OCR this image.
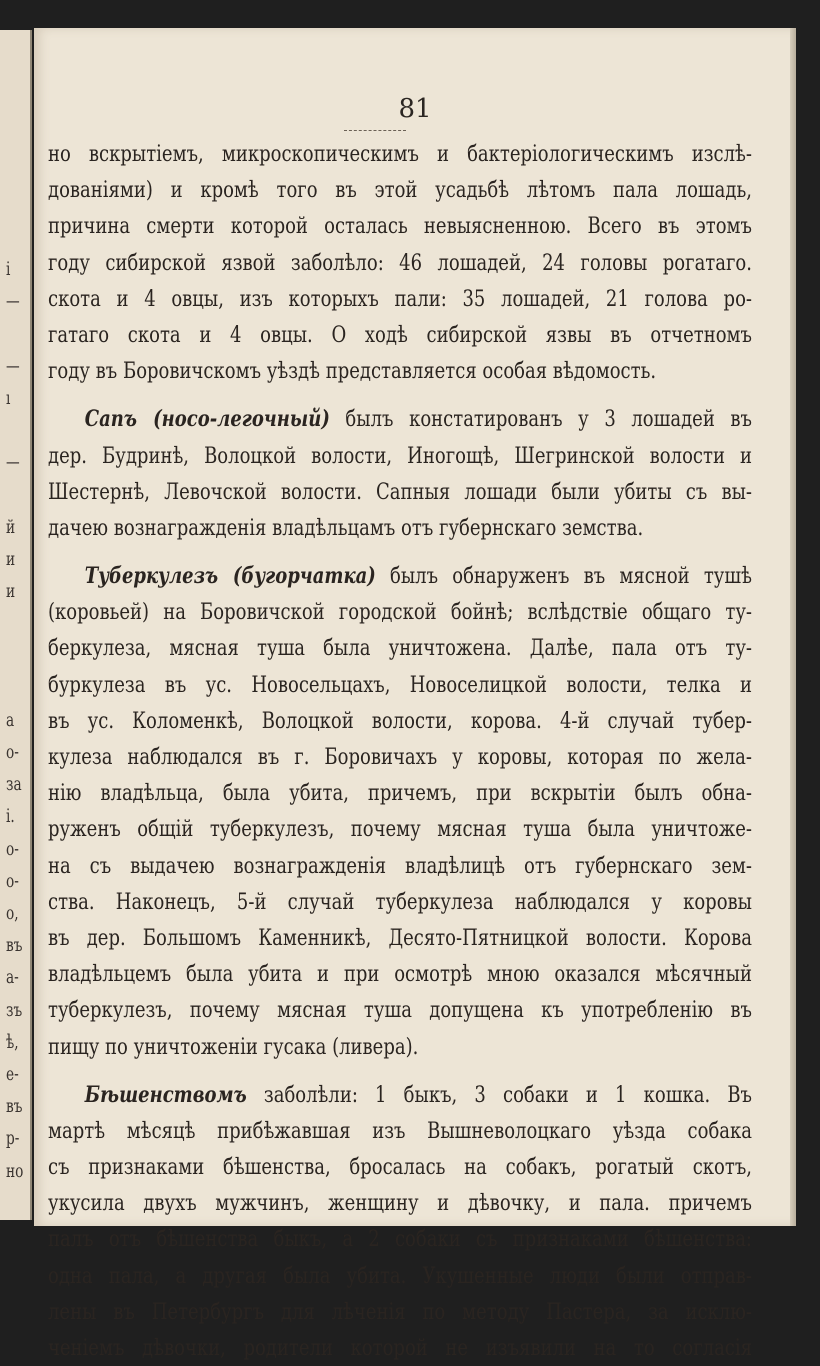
і
—
—
ı
—
й
и
и
а
о-
за
і.
о-
о-
о,
въ
а-
зъ
ѣ,
е-
въ
р-
но
81
но вскрытіемъ, микроскопическимъ и бактеріологическимъ изслѣ-
дованіями) и кромѣ того въ этой усадьбѣ лѣтомъ пала лошадь,
причина смерти которой осталась невыясненною. Всего въ этомъ
году сибирской язвой заболѣло: 46 лошадей, 24 головы рогатаго.
скота и 4 овцы, изъ которыхъ пали: 35 лошадей, 21 голова ро-
гатаго скота и 4 овцы. О ходѣ сибирской язвы въ отчетномъ
году въ Боровичскомъ уѣздѣ представляется особая вѣдомость.
Сапъ (носо-легочный) былъ констатированъ у 3 лошадей въ
дер. Будринѣ, Волоцкой волости, Иногощѣ, Шегринской волости и
Шестернѣ, Левочской волости. Сапныя лошади были убиты съ вы-
дачею вознагражденія владѣльцамъ отъ губернскаго земства.
Туберкулезъ (бугорчатка) былъ обнаруженъ въ мясной тушѣ
(коровьей) на Боровичской городской бойнѣ; вслѣдствіе общаго ту-
беркулеза, мясная туша была уничтожена. Далѣе, пала отъ ту-
буркулеза въ ус. Новосельцахъ, Новоселицкой волости, телка и
въ ус. Коломенкѣ, Волоцкой волости, корова. 4-й случай тубер-
кулеза наблюдался въ г. Боровичахъ у коровы, которая по жела-
нію владѣльца, была убита, причемъ, при вскрытіи былъ обна-
руженъ общій туберкулезъ, почему мясная туша была уничтоже-
на съ выдачею вознагражденія владѣлицѣ отъ губернскаго зем-
ства. Наконецъ, 5-й случай туберкулеза наблюдался у коровы
въ дер. Большомъ Каменникѣ, Десято-Пятницкой волости. Корова
владѣльцемъ была убита и при осмотрѣ мною оказался мѣсячный
туберкулезъ, почему мясная туша допущена къ употребленію въ
пищу по уничтоженіи гусака (ливера).
Бѣшенствомъ заболѣли: 1 быкъ, 3 собаки и 1 кошка. Въ
мартѣ мѣсяцѣ прибѣжавшая изъ Вышневолоцкаго уѣзда собака
съ признаками бѣшенства, бросалась на собакъ, рогатый скотъ,
укусила двухъ мужчинъ, женщину и дѣвочку, и пала. причемъ
палъ отъ бѣшенства быкъ, а 2 собаки съ признаками бѣшенства:
одна пала, а другая была убита. Укушенные люди были отправ-
лены въ Петербургъ для лѣченія по методу Пастера, за исклю-
ченіемъ дѣвочки, родители которой не изъявили на то согласія
